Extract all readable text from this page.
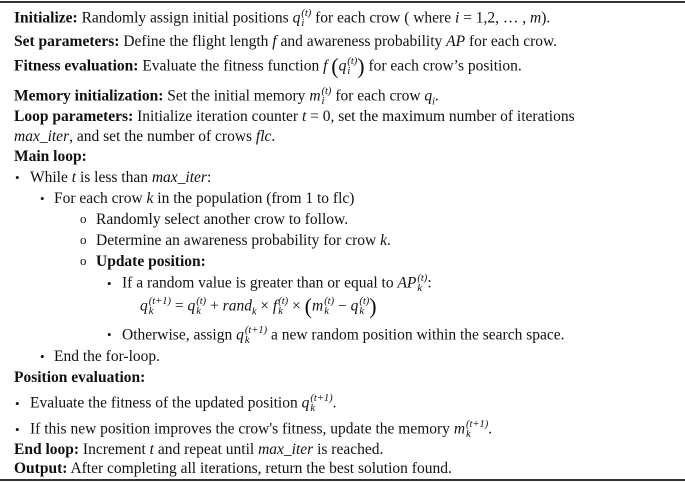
Initialize: Randomly assign initial positions q (t)
i for each crow ( where i = 1,2, … , m).
Set parameters: Define the flight length f and awareness probability AP for each crow.
Fitness evaluation: Evaluate the fitness function f (q (t)
i ) for each crow’s position.
Memory initialization: Set the initial memory m (t)
i for each crow $q_i$.
Loop parameters: Initialize iteration counter t = 0, set the maximum number of iterations
max_iter, and set the number of crows flc.
Main loop:
• While t is less than max_iter:
• For each crow k in the population (from 1 to flc)
o Randomly select another crow to follow.
o Determine an awareness probability for crow k.
o Update position:
• If a random value is greater than or equal to AP (t)
k :
q (t+1)
k	= q (t)
k + rand$_k$ × f (t)
k × (m (t)
k − q (t)
k )
• Otherwise, assign q (t+1)
k	a new random position within the search space.
• End the for-loop.
Position evaluation:
• Evaluate the fitness of the updated position q (t+1)
k	.
• If this new position improves the crow's fitness, update the memory m (t+1)
k	.
End loop: Increment t and repeat until max_iter is reached.
Output: After completing all iterations, return the best solution found.
